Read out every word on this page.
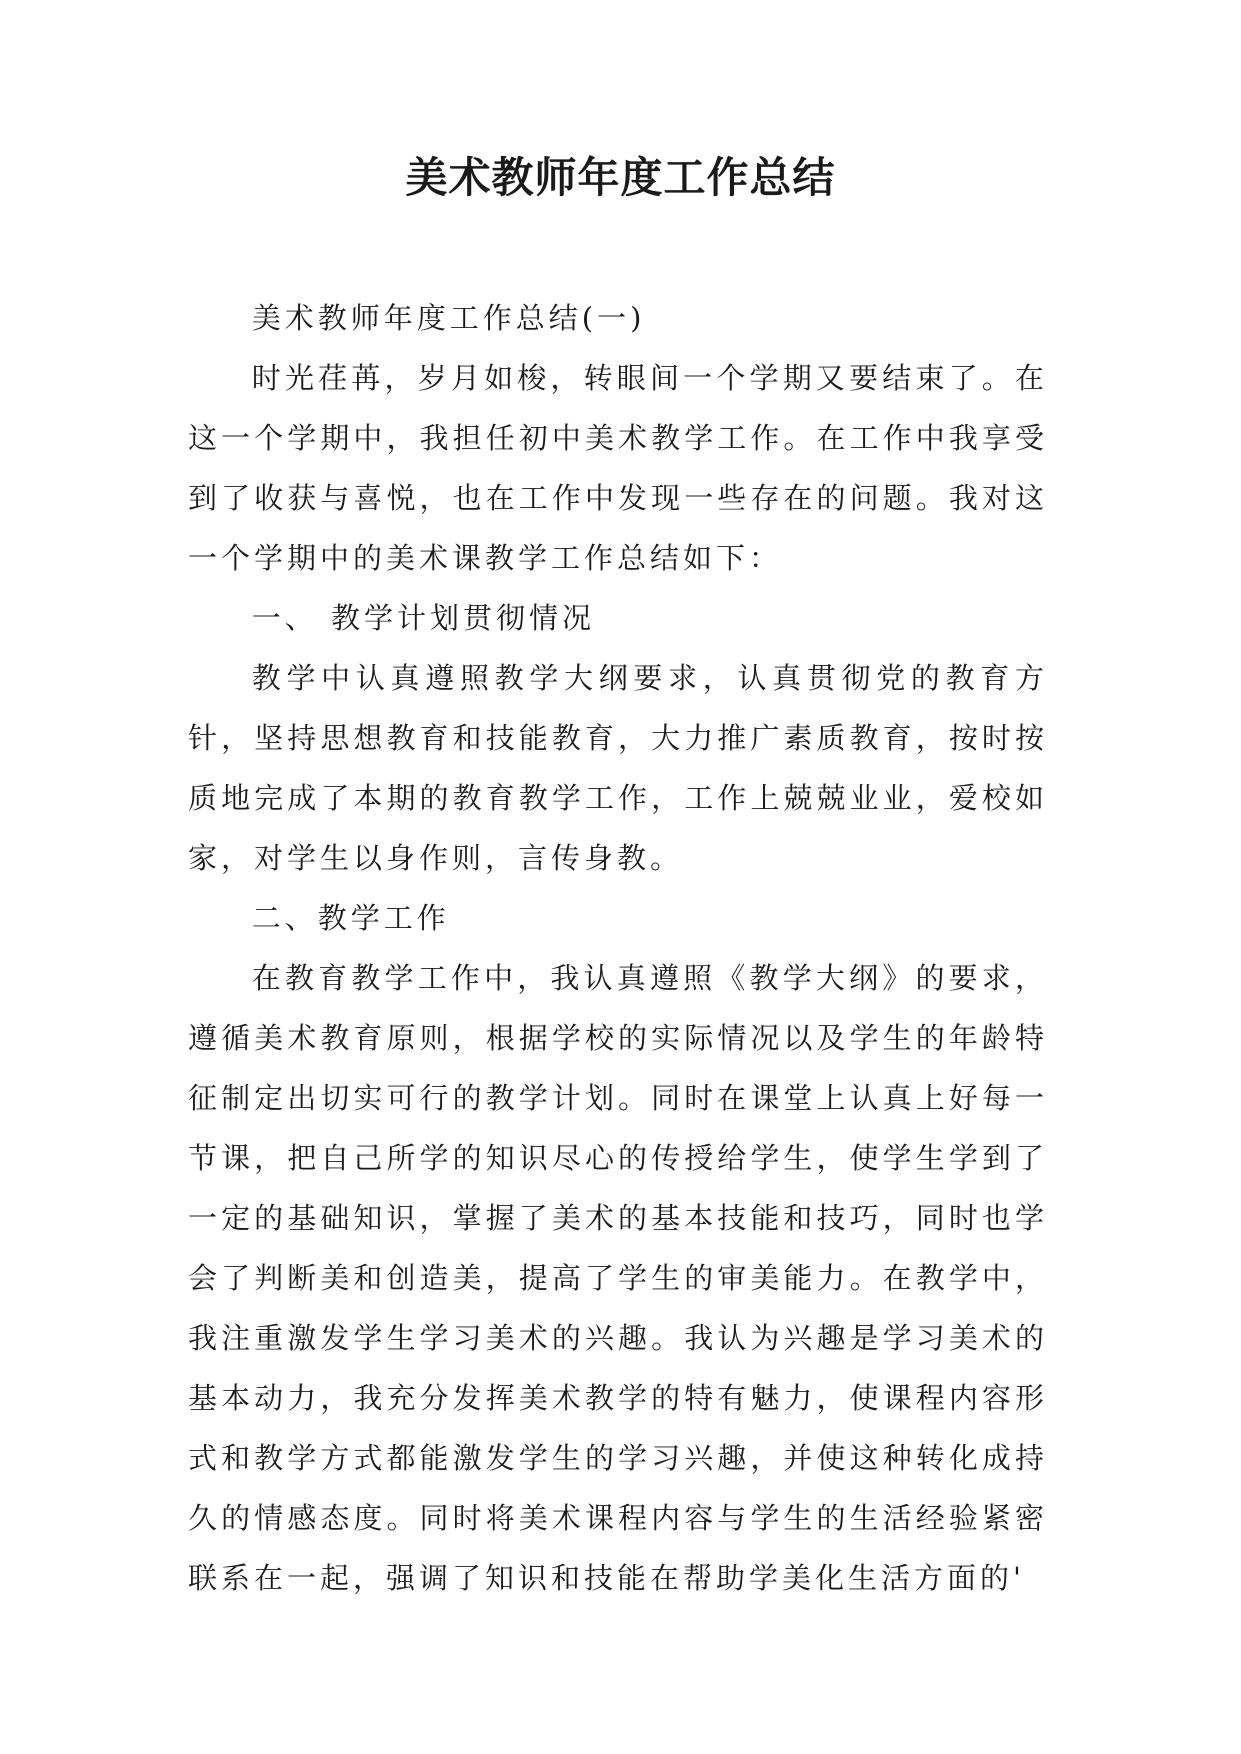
美术教师年度工作总结

美术教师年度工作总结(一)

时光荏苒，岁月如梭，转眼间一个学期又要结束了。在这一个学期中，我担任初中美术教学工作。在工作中我享受到了收获与喜悦，也在工作中发现一些存在的问题。我对这一个学期中的美术课教学工作总结如下：

一、 教学计划贯彻情况

教学中认真遵照教学大纲要求，认真贯彻党的教育方针，坚持思想教育和技能教育，大力推广素质教育，按时按质地完成了本期的教育教学工作，工作上兢兢业业，爱校如家，对学生以身作则，言传身教。

二、教学工作

在教育教学工作中，我认真遵照《教学大纲》的要求，遵循美术教育原则，根据学校的实际情况以及学生的年龄特征制定出切实可行的教学计划。同时在课堂上认真上好每一节课，把自己所学的知识尽心的传授给学生，使学生学到了一定的基础知识，掌握了美术的基本技能和技巧，同时也学会了判断美和创造美，提高了学生的审美能力。在教学中，我注重激发学生学习美术的兴趣。我认为兴趣是学习美术的基本动力，我充分发挥美术教学的特有魅力，使课程内容形式和教学方式都能激发学生的学习兴趣，并使这种转化成持久的情感态度。同时将美术课程内容与学生的生活经验紧密联系在一起，强调了知识和技能在帮助学美化生活方面的'
